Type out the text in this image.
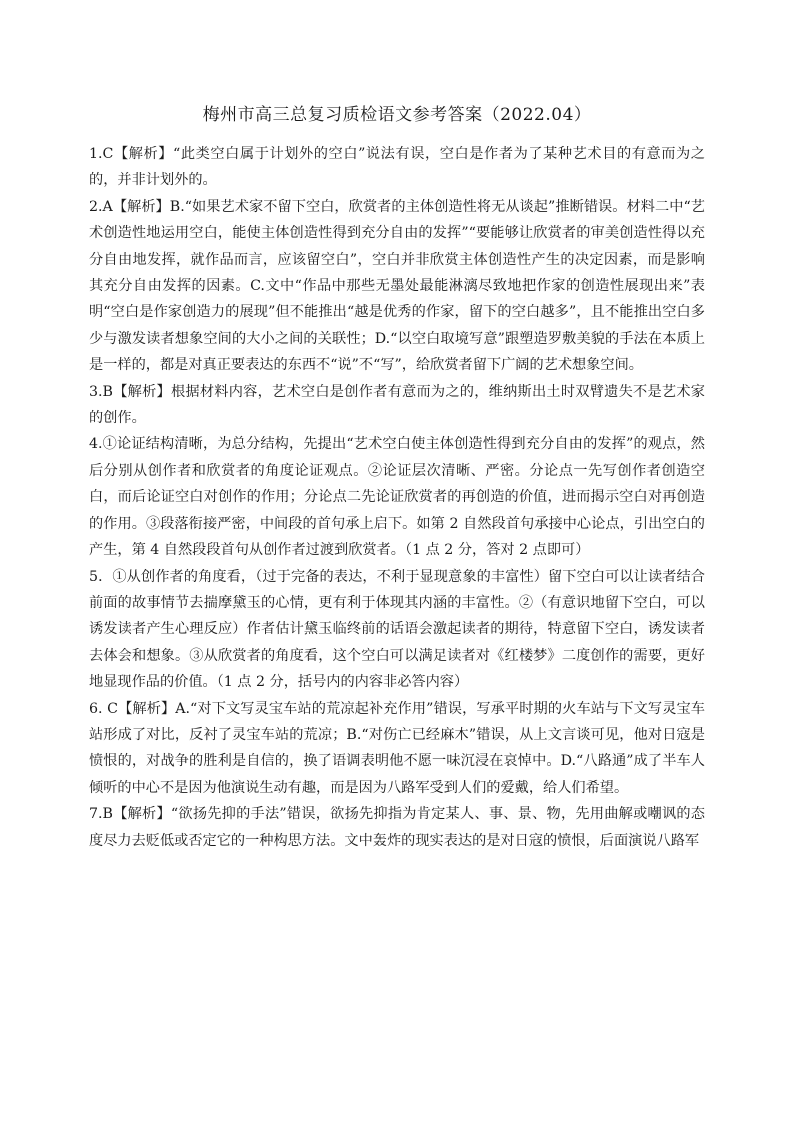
梅州市高三总复习质检语文参考答案（2022.04）

1.C【解析】“此类空白属于计划外的空白”说法有误，空白是作者为了某种艺术目的有意而为之的，并非计划外的。

2.A【解析】B.“如果艺术家不留下空白，欣赏者的主体创造性将无从谈起”推断错误。材料二中“艺术创造性地运用空白，能使主体创造性得到充分自由的发挥”“要能够让欣赏者的审美创造性得以充分自由地发挥，就作品而言，应该留空白”，空白并非欣赏主体创造性产生的决定因素，而是影响其充分自由发挥的因素。C.文中“作品中那些无墨处最能淋漓尽致地把作家的创造性展现出来”表明“空白是作家创造力的展现”但不能推出“越是优秀的作家，留下的空白越多”，且不能推出空白多少与激发读者想象空间的大小之间的关联性；D.“以空白取境写意”跟塑造罗敷美貌的手法在本质上是一样的，都是对真正要表达的东西不“说”不“写”，给欣赏者留下广阔的艺术想象空间。

3.B【解析】根据材料内容，艺术空白是创作者有意而为之的，维纳斯出土时双臂遗失不是艺术家的创作。

4.①论证结构清晰，为总分结构，先提出“艺术空白使主体创造性得到充分自由的发挥”的观点，然后分别从创作者和欣赏者的角度论证观点。②论证层次清晰、严密。分论点一先写创作者创造空白，而后论证空白对创作的作用；分论点二先论证欣赏者的再创造的价值，进而揭示空白对再创造的作用。③段落衔接严密，中间段的首句承上启下。如第 2 自然段首句承接中心论点，引出空白的产生，第 4 自然段段首句从创作者过渡到欣赏者。（1 点 2 分，答对 2 点即可）

5．①从创作者的角度看，（过于完备的表达，不利于显现意象的丰富性）留下空白可以让读者结合前面的故事情节去揣摩黛玉的心情，更有利于体现其内涵的丰富性。②（有意识地留下空白，可以诱发读者产生心理反应）作者估计黛玉临终前的话语会激起读者的期待，特意留下空白，诱发读者去体会和想象。③从欣赏者的角度看，这个空白可以满足读者对《红楼梦》二度创作的需要，更好地显现作品的价值。（1 点 2 分，括号内的内容非必答内容）

6. C【解析】A.“对下文写灵宝车站的荒凉起补充作用”错误，写承平时期的火车站与下文写灵宝车站形成了对比，反衬了灵宝车站的荒凉；B.“对伤亡已经麻木”错误，从上文言谈可见，他对日寇是愤恨的，对战争的胜利是自信的，换了语调表明他不愿一味沉浸在哀悼中。D.“八路通”成了半车人倾听的中心不是因为他演说生动有趣，而是因为八路军受到人们的爱戴，给人们希望。

7.B【解析】“欲扬先抑的手法”错误，欲扬先抑指为肯定某人、事、景、物，先用曲解或嘲讽的态度尽力去贬低或否定它的一种构思方法。文中轰炸的现实表达的是对日寇的愤恨，后面演说八路军
